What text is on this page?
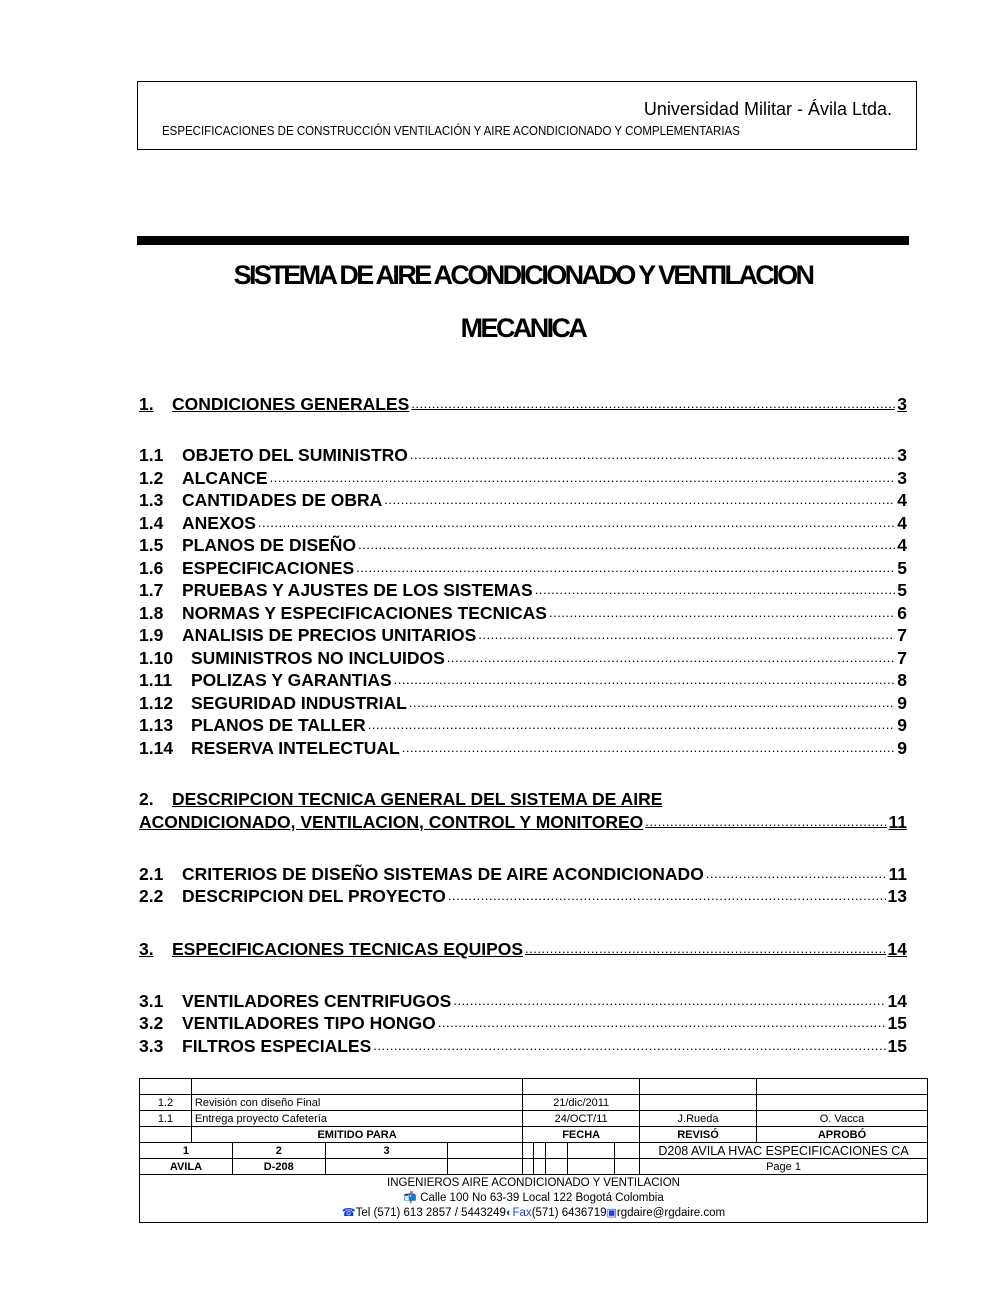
Universidad Militar - Ávila Ltda.
ESPECIFICACIONES DE CONSTRUCCIÓN VENTILACIÓN Y AIRE ACONDICIONADO Y COMPLEMENTARIAS
SISTEMA DE AIRE ACONDICIONADO Y VENTILACION
MECANICA
1.	CONDICIONES GENERALES .....	3
1.1	OBJETO DEL SUMINISTRO .....	3
1.2	ALCANCE .....	3
1.3	CANTIDADES DE OBRA .....	4
1.4	ANEXOS .....	4
1.5	PLANOS DE DISEÑO .....	4
1.6	ESPECIFICACIONES .....	5
1.7	PRUEBAS Y AJUSTES DE LOS SISTEMAS .....	5
1.8	NORMAS Y ESPECIFICACIONES TECNICAS .....	6
1.9	ANALISIS DE PRECIOS UNITARIOS .....	7
1.10	SUMINISTROS NO INCLUIDOS .....	7
1.11	POLIZAS Y GARANTIAS .....	8
1.12	SEGURIDAD INDUSTRIAL .....	9
1.13	PLANOS DE TALLER .....	9
1.14	RESERVA INTELECTUAL .....	9
2. DESCRIPCION TECNICA GENERAL DEL SISTEMA DE AIRE
ACONDICIONADO, VENTILACION, CONTROL Y MONITOREO .....	11
2.1	CRITERIOS DE DISEÑO SISTEMAS DE AIRE ACONDICIONADO .....	11
2.2	DESCRIPCION DEL PROYECTO .....	13
3.	ESPECIFICACIONES TECNICAS EQUIPOS .....	14
3.1	VENTILADORES CENTRIFUGOS .....	14
3.2	VENTILADORES TIPO HONGO .....	15
3.3	FILTROS ESPECIALES .....	15

1.2	Revisión con diseño Final				21/dic/2011						
1.1	Entrega proyecto Cafetería				24/OCT/11					J.Rueda	O. Vacca
	EMITIDO PARA				FECHA					REVISÓ	APROBÓ
1		2	3							D208 AVILA HVAC ESPECIFICACIONES CA	
AVILA		D-208								Page 1	

INGENIEROS AIRE ACONDICIONADO Y VENTILACION
📬 Calle 100 No 63-39 Local 122 Bogotá Colombia
☎Tel (571) 613 2857 / 5443249◐Fax(571) 6436719▣rgdaire@rgdaire.com											
